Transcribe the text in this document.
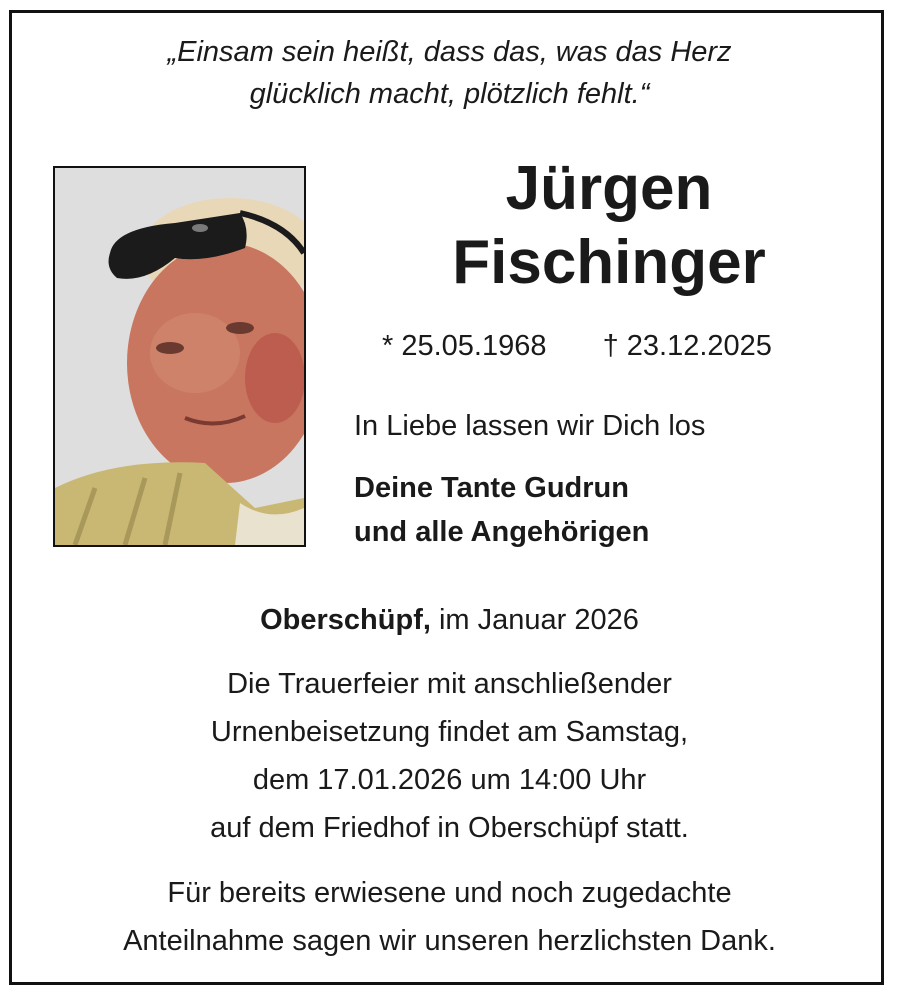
„Einsam sein heißt, dass das, was das Herz
glücklich macht, plötzlich fehlt.“
Jürgen
Fischinger
* 25.05.1968 † 23.12.2025
In Liebe lassen wir Dich los
Deine Tante Gudrun
und alle Angehörigen
Oberschüpf, im Januar 2026
Die Trauerfeier mit anschließender
Urnenbeisetzung findet am Samstag,
dem 17.01.2026 um 14:00 Uhr
auf dem Friedhof in Oberschüpf statt.
Für bereits erwiesene und noch zugedachte
Anteilnahme sagen wir unseren herzlichsten Dank.
